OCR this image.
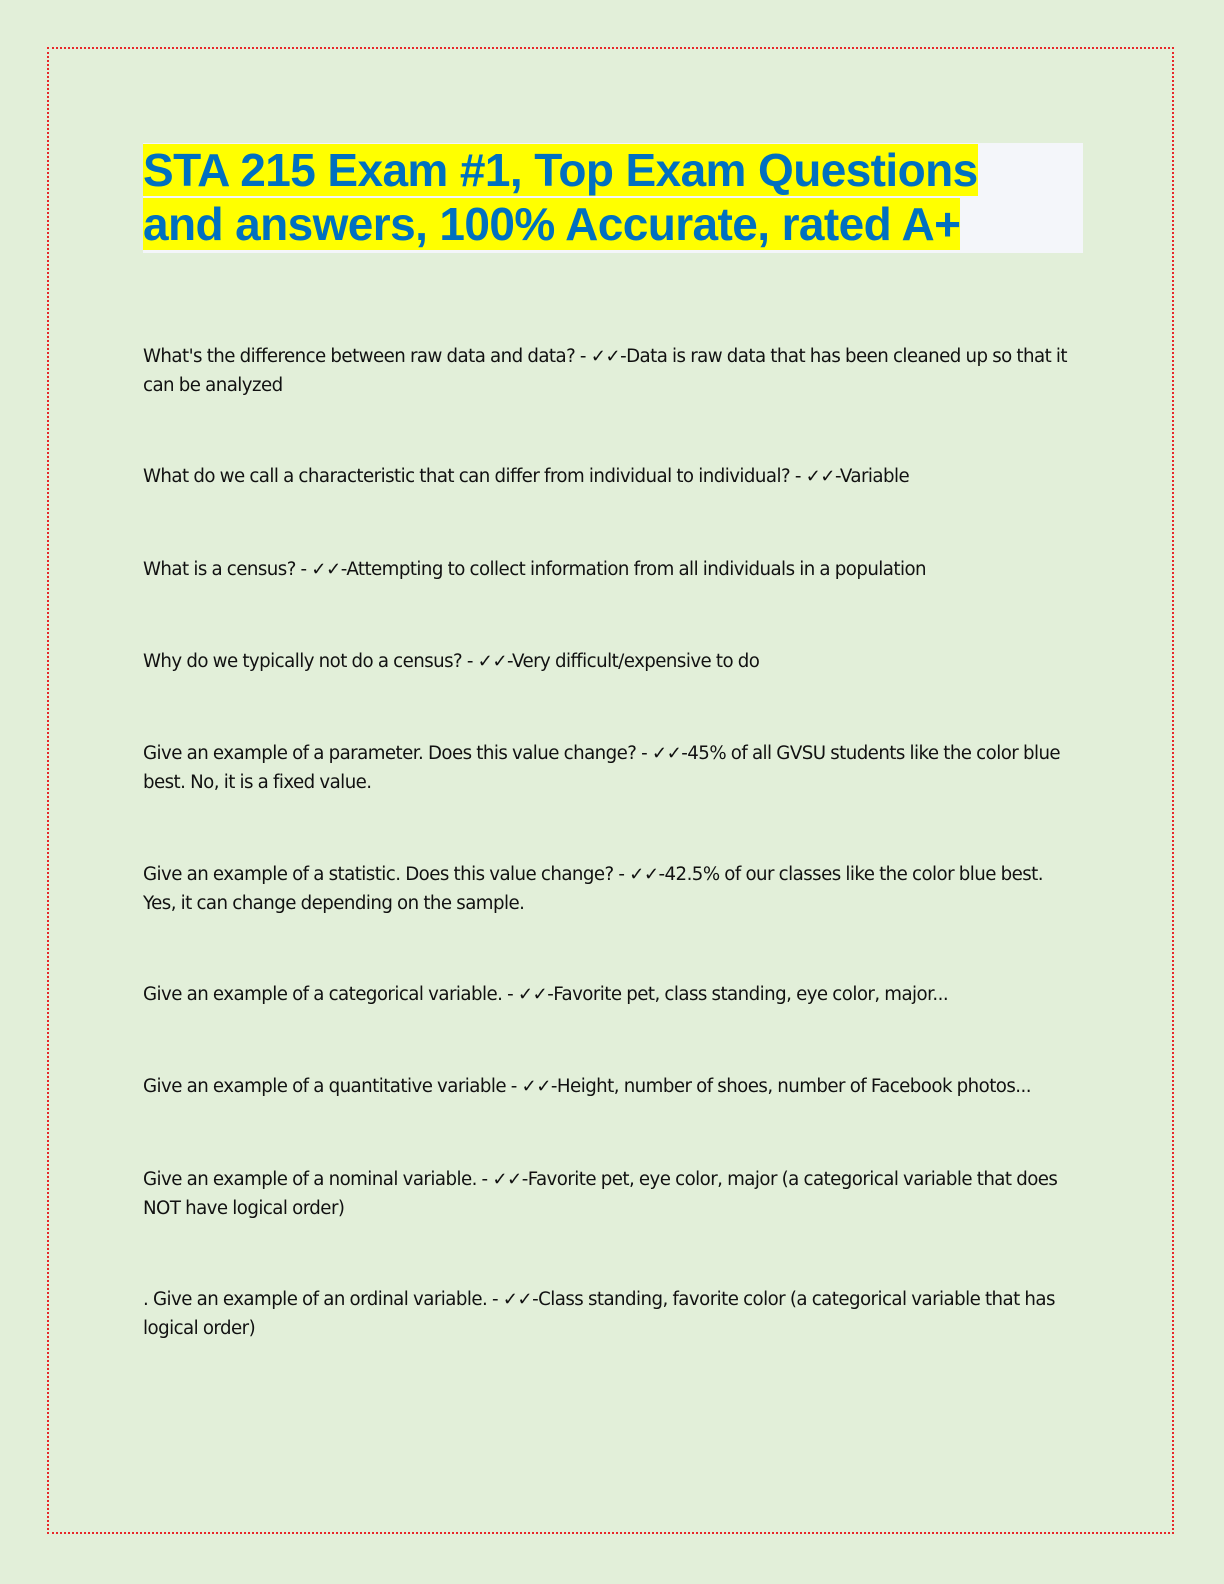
STA 215 Exam #1, Top Exam Questions
and answers, 100% Accurate, rated A+
What's the difference between raw data and data? - ✓✓-Data is raw data that has been cleaned up so that it can be analyzed
What do we call a characteristic that can differ from individual to individual? - ✓✓-Variable
What is a census? - ✓✓-Attempting to collect information from all individuals in a population
Why do we typically not do a census? - ✓✓-Very difficult/expensive to do
Give an example of a parameter. Does this value change? - ✓✓-45% of all GVSU students like the color blue best. No, it is a fixed value.
Give an example of a statistic. Does this value change? - ✓✓-42.5% of our classes like the color blue best. Yes, it can change depending on the sample.
Give an example of a categorical variable. - ✓✓-Favorite pet, class standing, eye color, major...
Give an example of a quantitative variable - ✓✓-Height, number of shoes, number of Facebook photos...
Give an example of a nominal variable. - ✓✓-Favorite pet, eye color, major (a categorical variable that does NOT have logical order)
. Give an example of an ordinal variable. - ✓✓-Class standing, favorite color (a categorical variable that has logical order)
